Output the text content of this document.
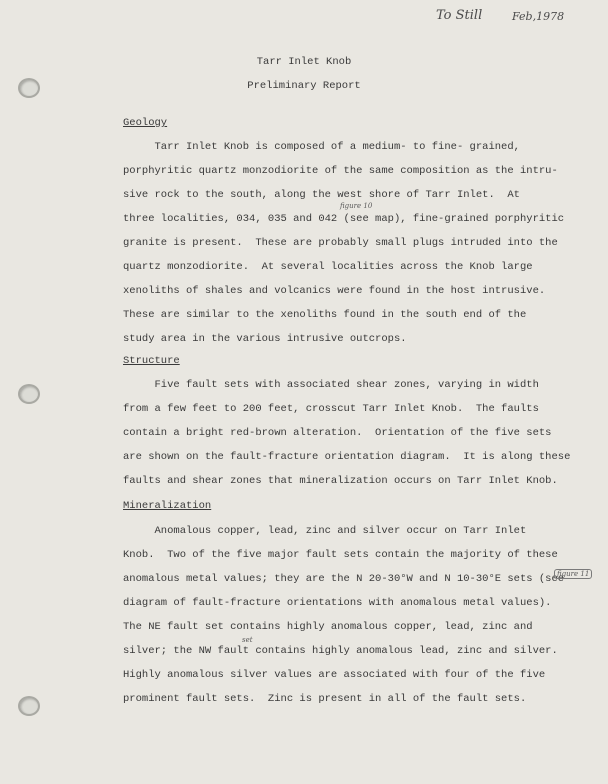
To Still	Feb,1978
Tarr Inlet Knob
Preliminary Report
Geology
Tarr Inlet Knob is composed of a medium- to fine- grained,
porphyritic quartz monzodiorite of the same composition as the intru-
sive rock to the south, along the west shore of Tarr Inlet.  At
figure 10
three localities, 034, 035 and 042 (see map), fine-grained porphyritic
granite is present.  These are probably small plugs intruded into the
quartz monzodiorite.  At several localities across the Knob large
xenoliths of shales and volcanics were found in the host intrusive.
These are similar to the xenoliths found in the south end of the
study area in the various intrusive outcrops.
Structure
Five fault sets with associated shear zones, varying in width
from a few feet to 200 feet, crosscut Tarr Inlet Knob.  The faults
contain a bright red-brown alteration.  Orientation of the five sets
are shown on the fault-fracture orientation diagram.  It is along these
faults and shear zones that mineralization occurs on Tarr Inlet Knob.
Mineralization
Anomalous copper, lead, zinc and silver occur on Tarr Inlet
Knob.  Two of the five major fault sets contain the majority of these
anomalous metal values; they are the N 20-30°W and N 10-30°E sets (see
figure 11
diagram of fault-fracture orientations with anomalous metal values).
The NE fault set contains highly anomalous copper, lead, zinc and
set
silver; the NW fault contains highly anomalous lead, zinc and silver.
Highly anomalous silver values are associated with four of the five
prominent fault sets.  Zinc is present in all of the fault sets.
